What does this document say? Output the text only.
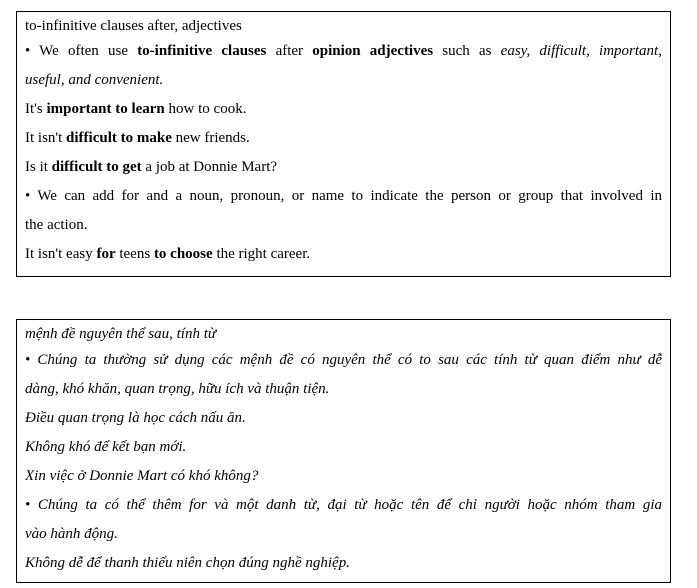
to-infinitive clauses after, adjectives
• We often use to-infinitive clauses after opinion adjectives such as easy, difficult, important,
useful, and convenient.
It's important to learn how to cook.
It isn't difficult to make new friends.
Is it difficult to get a job at Donnie Mart?
• We can add for and a noun, pronoun, or name to indicate the person or group that involved in
the action.
It isn't easy for teens to choose the right career.
mệnh đề nguyên thể sau, tính từ
• Chúng ta thường sử dụng các mệnh đề có nguyên thể có to sau các tính từ quan điểm như dễ
dàng, khó khăn, quan trọng, hữu ích và thuận tiện.
Điều quan trọng là học cách nấu ăn.
Không khó để kết bạn mới.
Xin việc ở Donnie Mart có khó không?
• Chúng ta có thể thêm for và một danh từ, đại từ hoặc tên để chỉ người hoặc nhóm tham gia
vào hành động.
Không dễ để thanh thiếu niên chọn đúng nghề nghiệp.
